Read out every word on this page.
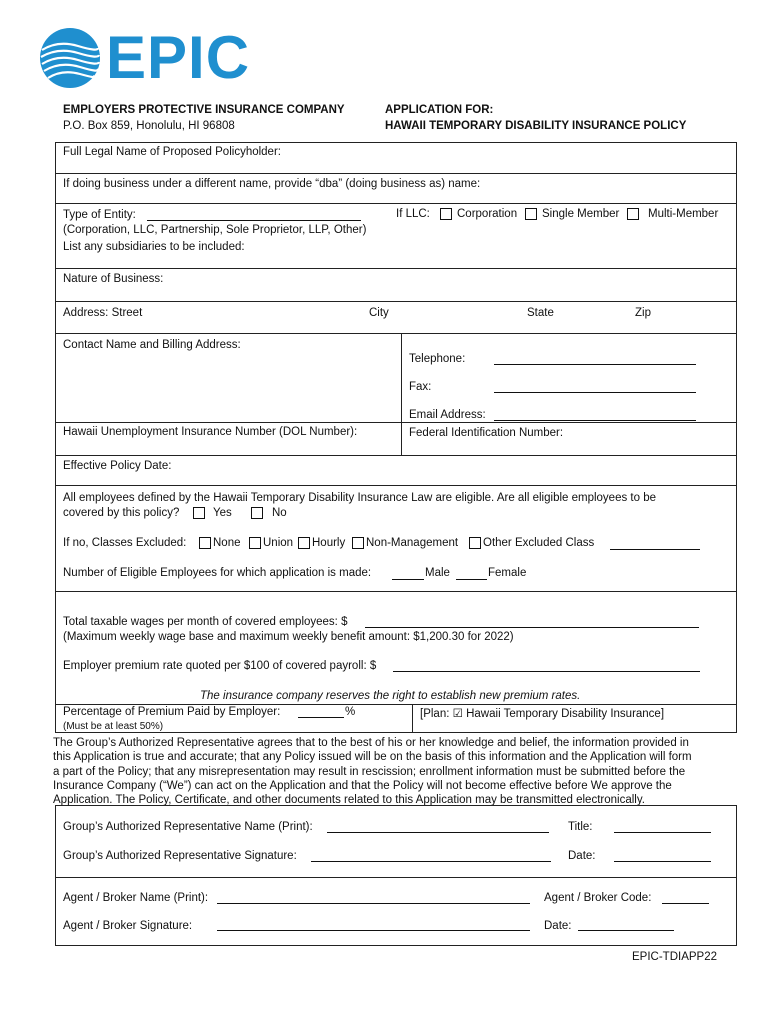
EPIC
EMPLOYERS PROTECTIVE INSURANCE COMPANY
P.O. Box 859, Honolulu, HI 96808
APPLICATION FOR:
HAWAII TEMPORARY DISABILITY INSURANCE POLICY
Full Legal Name of Proposed Policyholder:
If doing business under a different name, provide “dba” (doing business as) name:
Type of Entity:
(Corporation, LLC, Partnership, Sole Proprietor, LLP, Other)
If LLC: Corporation Single Member Multi-Member
List any subsidiaries to be included:
Nature of Business:
Address: Street	City	State	Zip
Contact Name and Billing Address:
Telephone:
Fax:
Email Address:
Hawaii Unemployment Insurance Number (DOL Number):	Federal Identification Number:
Effective Policy Date:
All employees defined by the Hawaii Temporary Disability Insurance Law are eligible. Are all eligible employees to be
covered by this policy?	Yes	No
If no, Classes Excluded: None Union Hourly Non-Management Other Excluded Class
Number of Eligible Employees for which application is made:	Male	Female
Total taxable wages per month of covered employees: $
(Maximum weekly wage base and maximum weekly benefit amount: $1,200.30 for 2022)
Employer premium rate quoted per $100 of covered payroll: $
The insurance company reserves the right to establish new premium rates.
Percentage of Premium Paid by Employer:	%
(Must be at least 50%)
[Plan: ☑ Hawaii Temporary Disability Insurance]
The Group’s Authorized Representative agrees that to the best of his or her knowledge and belief, the information provided in
this Application is true and accurate; that any Policy issued will be on the basis of this information and the Application will form
a part of the Policy; that any misrepresentation may result in rescission; enrollment information must be submitted before the
Insurance Company (“We”) can act on the Application and that the Policy will not become effective before We approve the
Application. The Policy, Certificate, and other documents related to this Application may be transmitted electronically.
Group’s Authorized Representative Name (Print):	Title:
Group’s Authorized Representative Signature:	Date:
Agent / Broker Name (Print):	Agent / Broker Code:
Agent / Broker Signature:	Date:
EPIC-TDIAPP22
